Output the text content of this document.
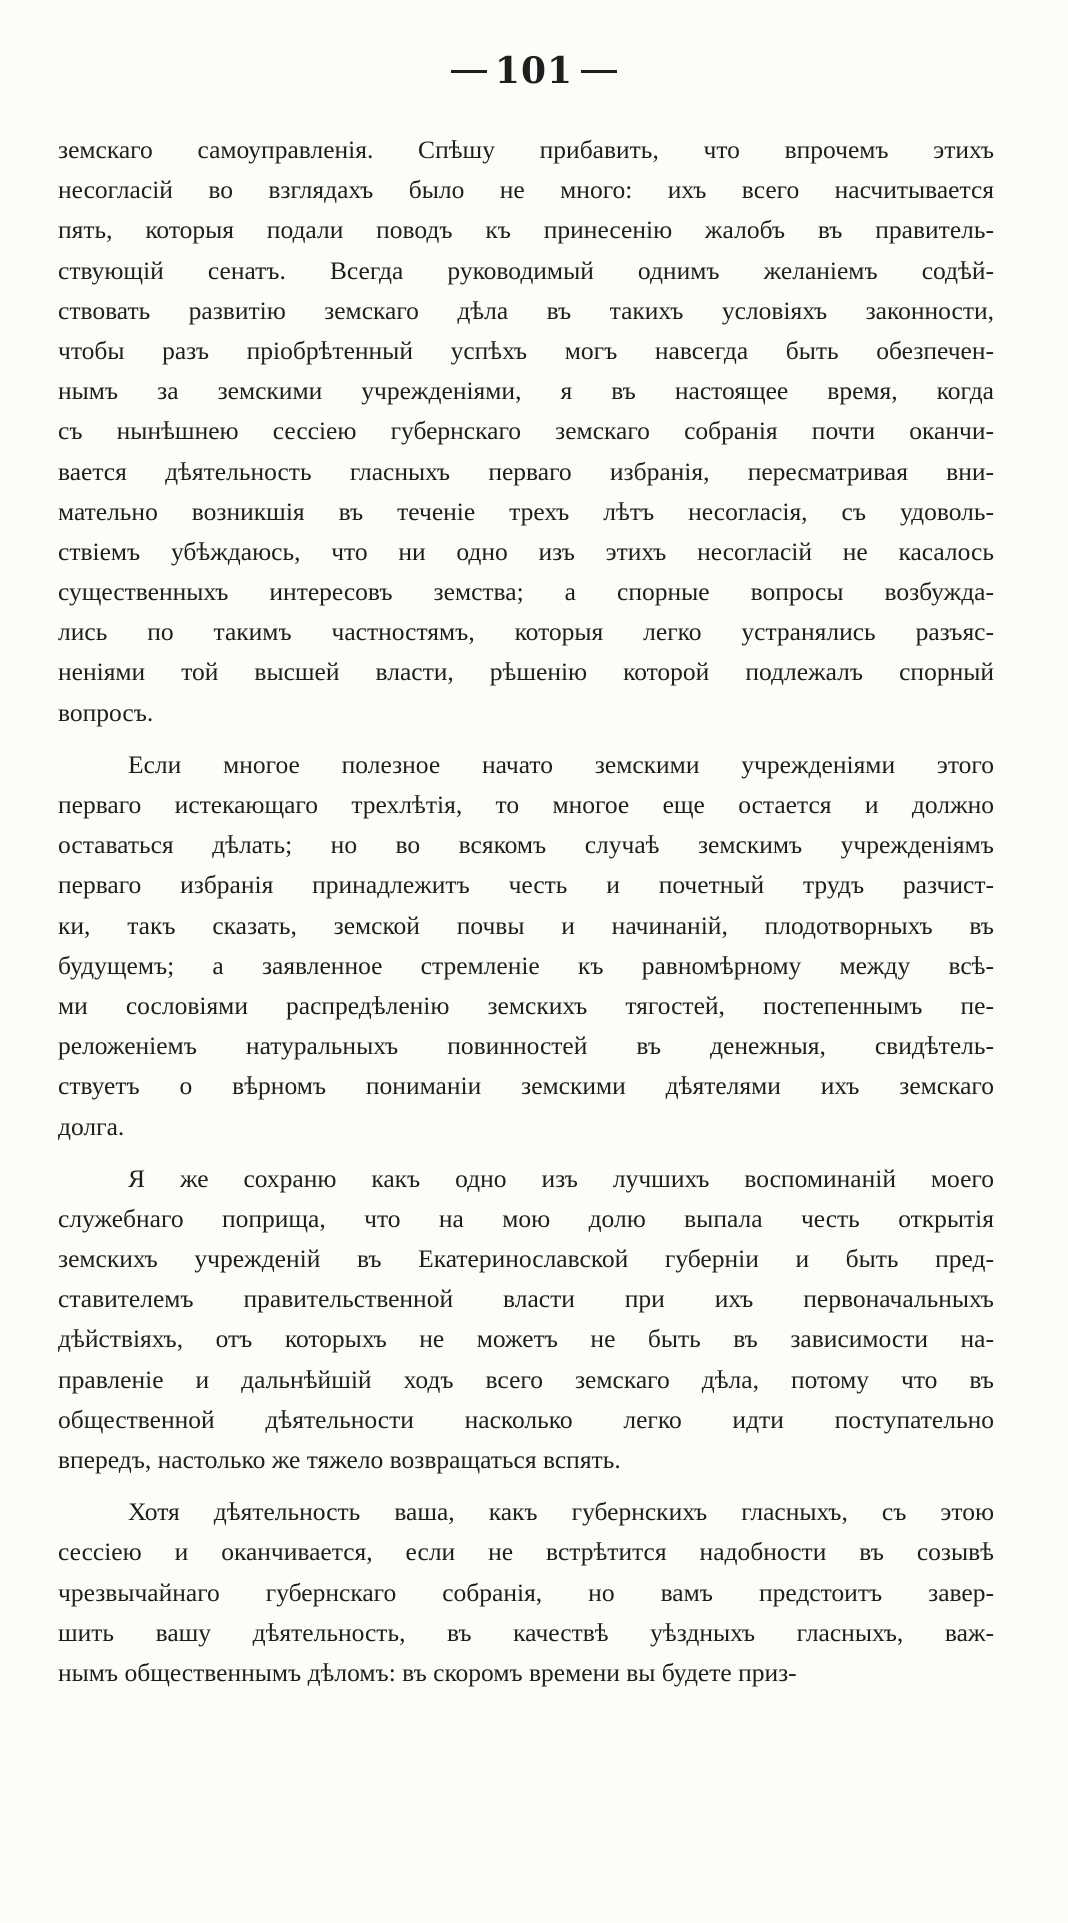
101
земскаго самоуправленія. Спѣшу прибавить, что впрочемъ этихъ
несогласій во взглядахъ было не много: ихъ всего насчитывается
пять, которыя подали поводъ къ принесенію жалобъ въ правитель-
ствующій сенатъ. Всегда руководимый однимъ желаніемъ содѣй-
ствовать развитію земскаго дѣла въ такихъ условіяхъ законности,
чтобы разъ пріобрѣтенный успѣхъ могъ навсегда быть обезпечен-
нымъ за земскими учрежденіями, я въ настоящее время, когда
съ нынѣшнею сессіею губернскаго земскаго собранія почти оканчи-
вается дѣятельность гласныхъ перваго избранія, пересматривая вни-
мательно возникшія въ теченіе трехъ лѣтъ несогласія, съ удоволь-
ствіемъ убѣждаюсь, что ни одно изъ этихъ несогласій не касалось
существенныхъ интересовъ земства; а спорные вопросы возбуждa-
лись по такимъ частностямъ, которыя легко устранялись разъяс-
неніями той высшей власти, рѣшенію которой подлежалъ спорный
вопросъ.
Если многое полезное начато земскими учрежденіями этого
перваго истекающаго трехлѣтія, то многое еще остается и должно
оставаться дѣлать; но во всякомъ случаѣ земскимъ учрежденіямъ
перваго избранія принадлежитъ честь и почетный трудъ разчист-
ки, такъ сказать, земской почвы и начинаній, плодотворныхъ въ
будущемъ; а заявленное стремленіе къ равномѣрному между всѣ-
ми сословіями распредѣленію земскихъ тягостей, постепеннымъ пе-
реложеніемъ натуральныхъ повинностей въ денежныя, свидѣтель-
ствуетъ о вѣрномъ пониманіи земскими дѣятелями ихъ земскаго
долга.
Я же сохраню какъ одно изъ лучшихъ воспоминаній моего
служебнаго поприща, что на мою долю выпала честь открытія
земскихъ учрежденій въ Екатеринославской губерніи и быть пред-
ставителемъ правительственной власти при ихъ первоначальныхъ
дѣйствіяхъ, отъ которыхъ не можетъ не быть въ зависимости на-
правленіе и дальнѣйшій ходъ всего земскаго дѣла, потому что въ
общественной дѣятельности насколько легко идти поступательно
впередъ, настолько же тяжело возвращаться вспять.
Хотя дѣятельность ваша, какъ губернскихъ гласныхъ, съ этою
сессіею и оканчивается, если не встрѣтится надобности въ созывѣ
чрезвычайнаго губернскаго собранія, но вамъ предстоитъ завер-
шить вашу дѣятельность, въ качествѣ уѣздныхъ гласныхъ, важ-
нымъ общественнымъ дѣломъ: въ скоромъ времени вы будете приз-
